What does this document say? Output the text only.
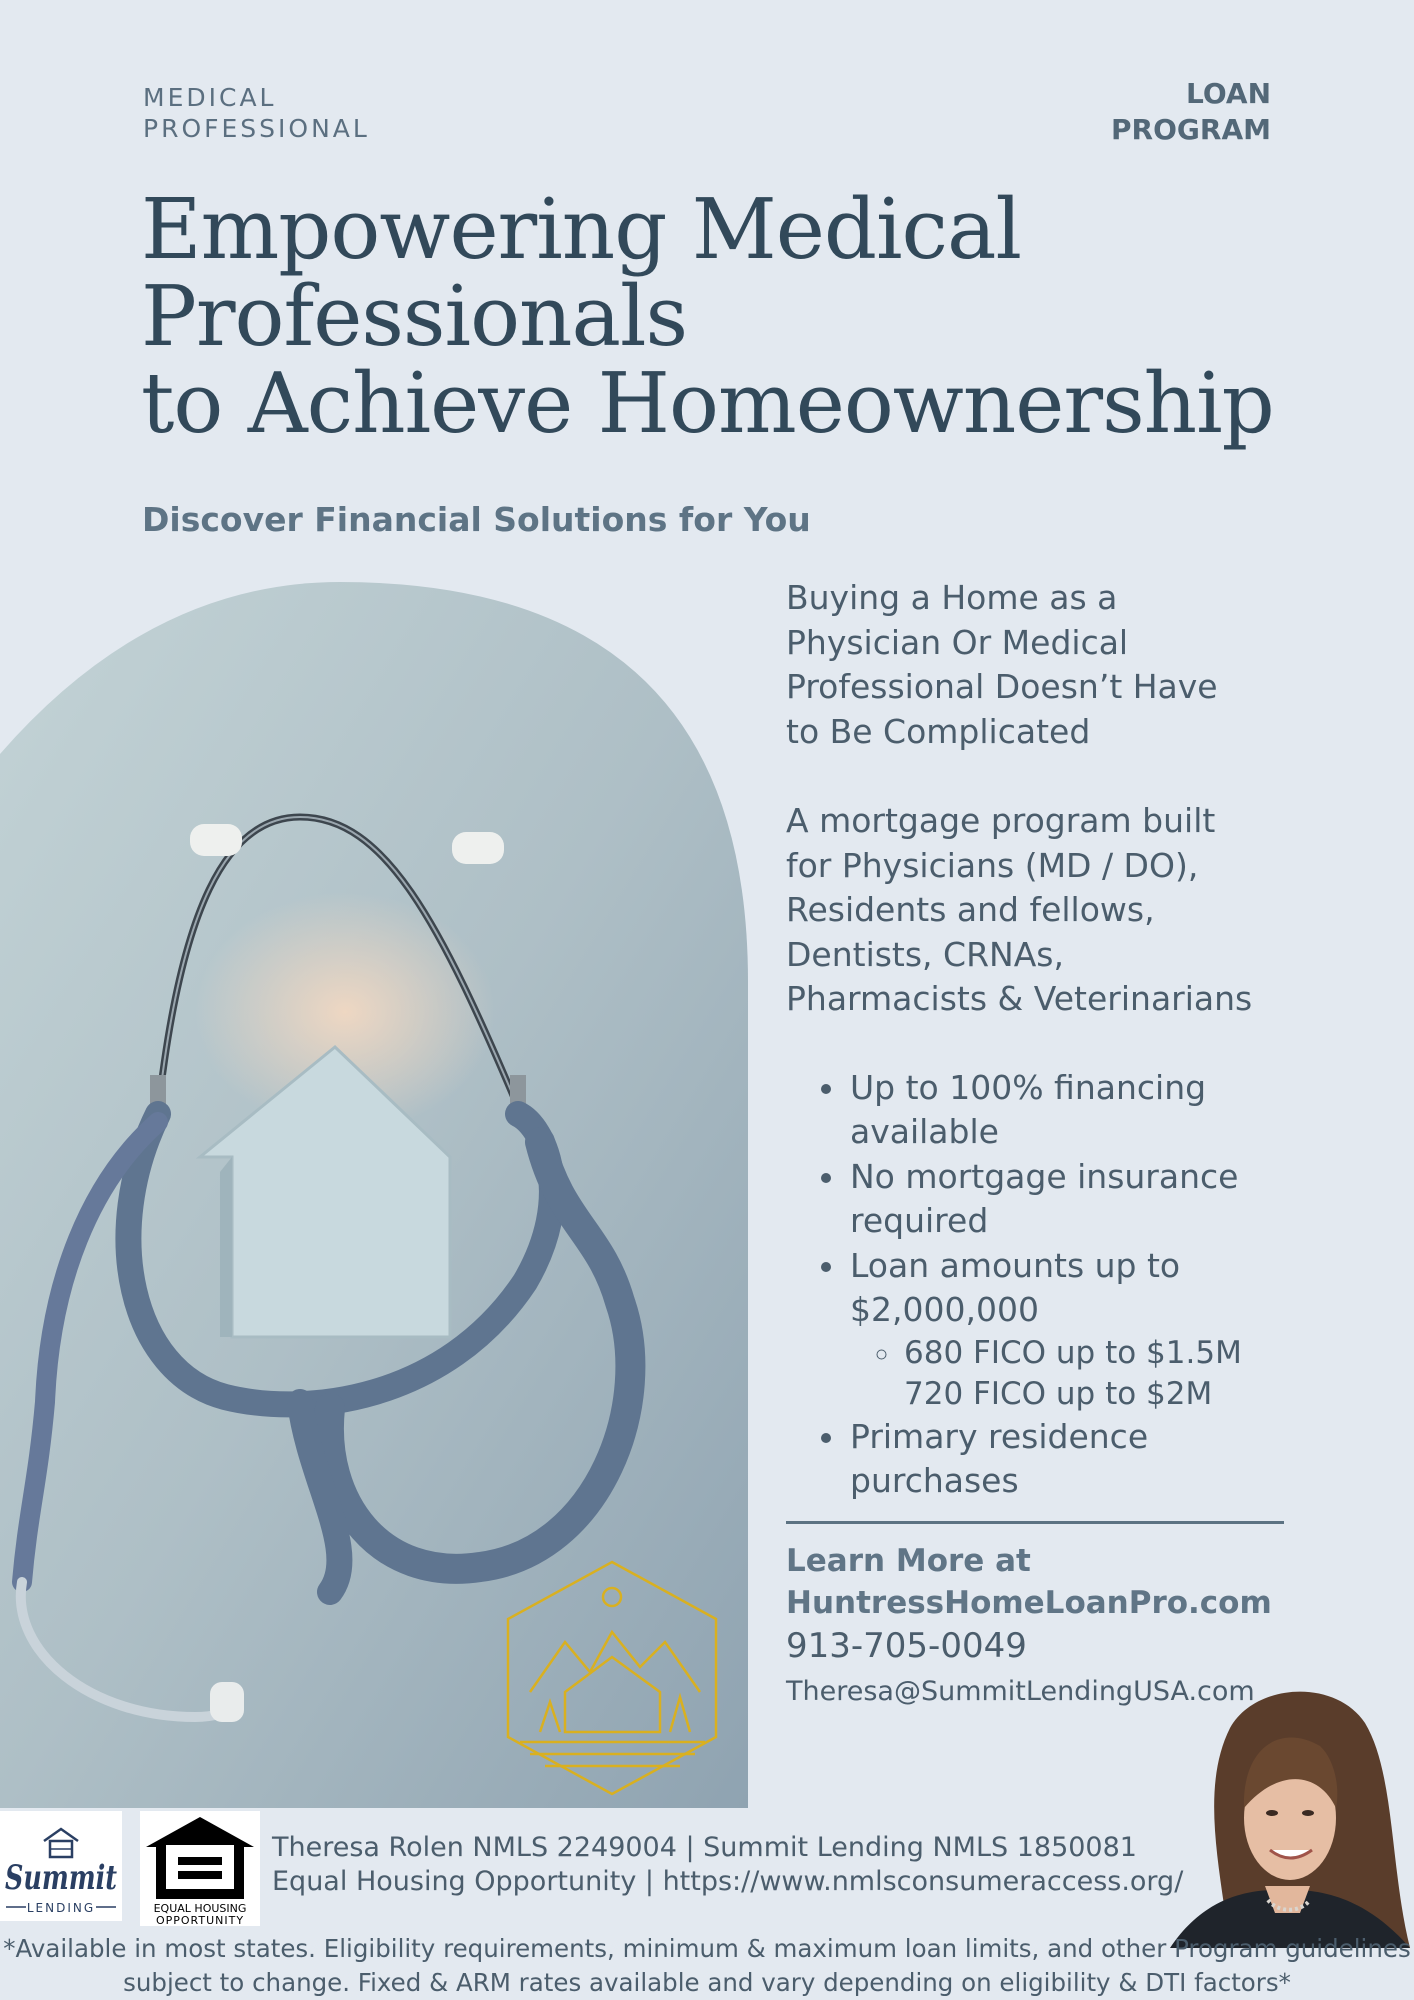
MEDICAL
PROFESSIONAL
LOAN
PROGRAM
Empowering Medical
Professionals
to Achieve Homeownership
Discover Financial Solutions for You

Buying a Home as a
Physician Or Medical
Professional Doesn’t Have
to Be Complicated

A mortgage program built
for Physicians (MD / DO),
Residents and fellows,
Dentists, CRNAs,
Pharmacists & Veterinarians

• Up to 100% financing available
• No mortgage insurance required
• Loan amounts up to $2,000,000
◦ 680 FICO up to $1.5M
720 FICO up to $2M
• Primary residence purchases
Learn More at
HuntressHomeLoanPro.com
913-705-0049
Theresa@SummitLendingUSA.com
Summit
LENDING	EQUAL HOUSING
OPPORTUNITY
Theresa Rolen NMLS 2249004 | Summit Lending NMLS 1850081
Equal Housing Opportunity | https://www.nmlsconsumeraccess.org/
*Available in most states. Eligibility requirements, minimum & maximum loan limits, and other Program guidelines
subject to change. Fixed & ARM rates available and vary depending on eligibility & DTI factors*
